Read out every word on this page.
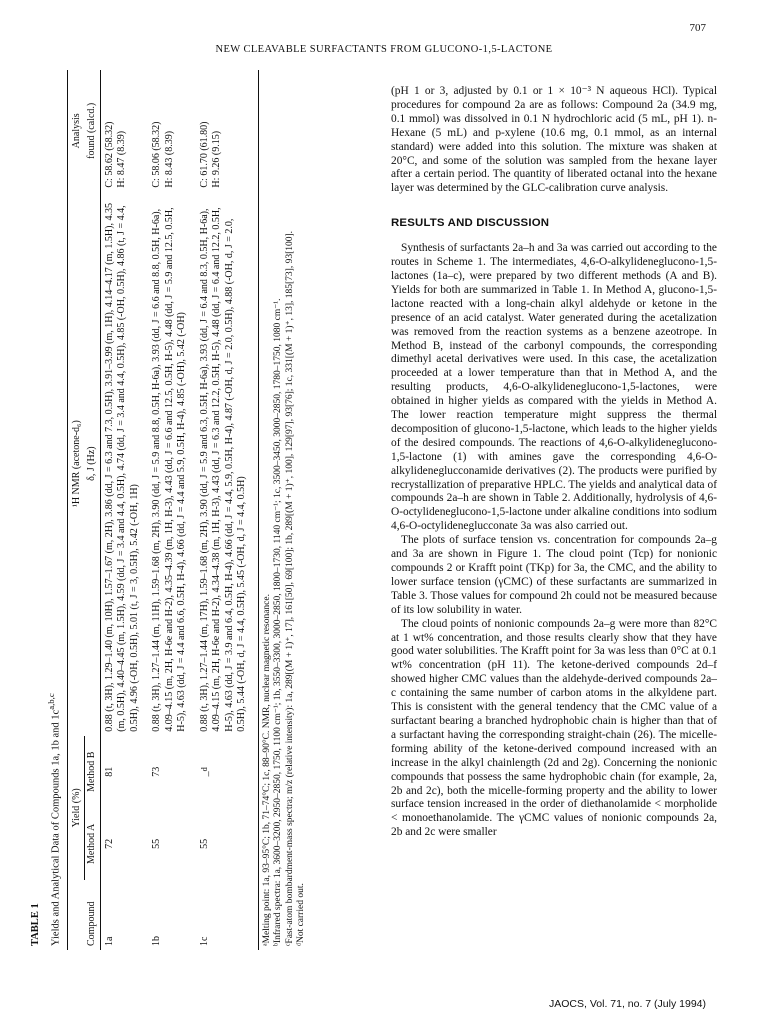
707
NEW CLEAVABLE SURFACTANTS FROM GLUCONO-1,5-LACTONE
TABLE 1 Yields and Analytical Data of Compounds 1a, 1b and $1c^{a,b,c}$
Compound	Yield (%)		¹H NMR (acetone-d₆)	Analysis
	Method A	Method B	δ, J (Hz)	found (calcd.)

1a	72	81	0.88 (t, 3H), 1.29–1.40 (m, 10H), 1.57–1.67 (m, 2H), 3.86 (dd, J = 6.3 and 7.3, 0.5H), 3.91–3.99 (m, 1H), 4.14–4.17 (m, 1.5H), 4.35 (m, 0.5H), 4.40–4.45 (m, 1.5H), 4.59 (dd, J = 3.4 and 4.4, 0.5H), 4.74 (dd, J = 3.4 and 4.4, 0.5H), 4.85 (-OH, 0.5H), 4.86 (t, J = 4.4, 0.5H), 4.96 (-OH, 0.5H), 5.01 (t, J = 3, 0.5H), 5.42 (-OH, 1H)	C: 58.62 (58.32) H: 8.47 (8.39)

1b	55	73	0.88 (t, 3H), 1.27–1.44 (m, 11H), 1.59–1.68 (m, 2H), 3.90 (dd, J = 5.9 and 8.8, 0.5H, H-6a), 3.93 (dd, J = 6.6 and 8.8, 0.5H, H-6a), 4.09–4.15 (m, 2H, H-6e and H-2), 4.35–4.39 (m, 1H, H-3), 4.43 (dd, J = 6.6 and 12.5, 0.5H, H-5), 4.48 (dd, J = 5.9 and 12.5, 0.5H, H-5), 4.63 (dd, J = 4.4 and 6.6, 0.5H, H-4), 4.66 (dd, J = 4.4 and 5.9, 0.5H, H-4), 4.85 (-OH), 5.42 (-OH)	C: 58.06 (58.32) H: 8.43 (8.39)

1c	55	–$^d$	0.88 (t, 3H), 1.27–1.44 (m, 17H), 1.59–1.68 (m, 2H), 3.90 (dd, J = 5.9 and 6.3, 0.5H, H-6a), 3.93 (dd, J = 6.4 and 8.3, 0.5H, H-6a), 4.09–4.15 (m, 2H, H-6e and H-2), 4.34–4.38 (m, 1H, H-3), 4.43 (dd, J = 6.3 and 12.2, 0.5H, H-5), 4.48 (dd, J = 6.4 and 12.2, 0.5H, H-5), 4.63 (dd, J = 3.9 and 6.4, 0.5H, H-4), 4.66 (dd, J = 4.4, 5.9, 0.5H, H-4), 4.87 (-OH, d, J = 2.0, 0.5H), 4.88 (-OH, d, J = 2.0, 0.5H), 5.44 (-OH, d, J = 4.4, 0.5H), 5.45 (-OH, d, J = 4.4, 0.5H)	C: 61.70 (61.80) H: 9.26 (9.15)

ᵃMelting point: 1a, 93–95°C; 1b, 71–74°C; 1c, 88–90°C. NMR, nuclear magnetic resonance. ᵇInfrared spectra: 1a, 3600–3200, 2950–2850, 1750, 1100 cm⁻¹; 1b, 3550–3300, 3000–2850, 1800–1730, 1140 cm⁻¹; 1c, 3500–3450, 3000–2850, 1780–1750, 1080 cm⁻¹. ᶜFast-atom bombardment-mass spectra; m/z (relative intensity): 1a, 289[(M + 1)⁺, 17], 161[50], 69[100]; 1b, 289[(M + 1)⁺, 100], 129[97], 93[76]; 1c, 331[(M + 1)⁺, 13], 185[73], 93[100]. ᵈNot carried out.

(pH 1 or 3, adjusted by 0.1 or 1 × 10⁻³ N aqueous HCl). Typical procedures for compound 2a are as follows: Compound 2a (34.9 mg, 0.1 mmol) was dissolved in 0.1 N hydrochloric acid (5 mL, pH 1). n-Hexane (5 mL) and p-xylene (10.6 mg, 0.1 mmol, as an internal standard) were added into this solution. The mixture was shaken at 20°C, and some of the solution was sampled from the hexane layer after a certain period. The quantity of liberated octanal into the hexane layer was determined by the GLC-calibration curve analysis.

RESULTS AND DISCUSSION

Synthesis of surfactants 2a–h and 3a was carried out according to the routes in Scheme 1. The intermediates, 4,6-O-alkylideneglucono-1,5-lactones (1a–c), were prepared by two different methods (A and B). Yields for both are summarized in Table 1. In Method A, glucono-1,5-lactone reacted with a long-chain alkyl aldehyde or ketone in the presence of an acid catalyst. Water generated during the acetalization was removed from the reaction systems as a benzene azeotrope. In Method B, instead of the carbonyl compounds, the corresponding dimethyl acetal derivatives were used. In this case, the acetalization proceeded at a lower temperature than that in Method A, and the resulting products, 4,6-O-alkylideneglucono-1,5-lactones, were obtained in higher yields as compared with the yields in Method A. The lower reaction temperature might suppress the thermal decomposition of glucono-1,5-lactone, which leads to the higher yields of the desired compounds. The reactions of 4,6-O-alkylideneglucono-1,5-lactone (1) with amines gave the corresponding 4,6-O- alkylideneglucconamide derivatives (2). The products were purified by recrystallization of preparative HPLC. The yields and analytical data of compounds 2a–h are shown in Table 2. Additionally, hydrolysis of 4,6- O-octylideneglucono-1,5-lactone under alkaline conditions into sodium 4,6-O-octylideneglucconate 3a was also carried out.

The plots of surface tension vs. concentration for compounds 2a–g and 3a are shown in Figure 1. The cloud point (Tcp) for nonionic compounds 2 or Krafft point (TKp) for 3a, the CMC, and the ability to lower surface tension (γCMC) of these surfactants are summarized in Table 3. Those values for compound 2h could not be measured because of its low solubility in water.

The cloud points of nonionic compounds 2a–g were more than 82°C at 1 wt% concentration, and those results clearly show that they have good water solubilities. The Krafft point for 3a was less than 0°C at 0.1 wt% concentration (pH 11). The ketone-derived compounds 2d–f showed higher CMC values than the aldehyde-derived compounds 2a–c containing the same number of carbon atoms in the alkyldene part. This is consistent with the general tendency that the CMC value of a surfactant bearing a branched hydrophobic chain is higher than that of a surfactant having the corresponding straight-chain (26). The micelle-forming ability of the ketone-derived compound increased with an increase in the alkyl chainlength (2d and 2g). Concerning the nonionic compounds that possess the same hydrophobic chain (for example, 2a, 2b and 2c), both the micelle-forming property and the ability to lower surface tension increased in the order of diethanolamide < morpholide < monoethanolamide. The γCMC values of nonionic compounds 2a, 2b and 2c were smaller

JAOCS, Vol. 71, no. 7 (July 1994)
